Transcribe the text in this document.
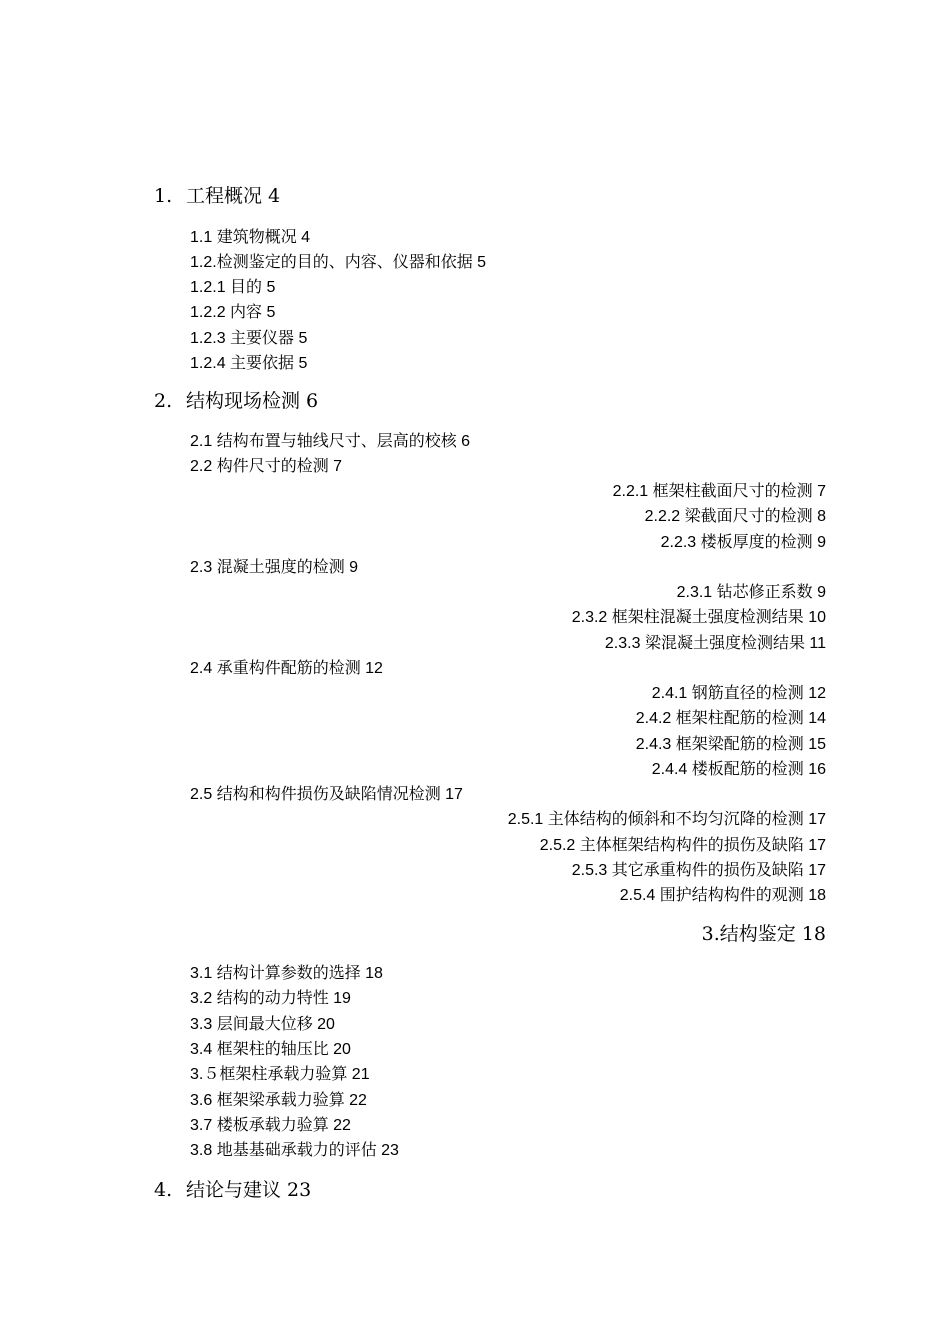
1. 工程概况 4
1.1 建筑物概况 4
1.2.检测鉴定的目的、内容、仪器和依据 5
1.2.1 目的 5
1.2.2 内容 5
1.2.3 主要仪器 5
1.2.4 主要依据 5
2. 结构现场检测 6
2.1 结构布置与轴线尺寸、层高的校核 6
2.2 构件尺寸的检测 7
2.2.1 框架柱截面尺寸的检测 7
2.2.2 梁截面尺寸的检测 8
2.2.3 楼板厚度的检测 9
2.3 混凝土强度的检测 9
2.3.1 钻芯修正系数 9
2.3.2 框架柱混凝土强度检测结果 10
2.3.3 梁混凝土强度检测结果 11
2.4 承重构件配筋的检测 12
2.4.1 钢筋直径的检测 12
2.4.2 框架柱配筋的检测 14
2.4.3 框架梁配筋的检测 15
2.4.4 楼板配筋的检测 16
2.5 结构和构件损伤及缺陷情况检测 17
2.5.1 主体结构的倾斜和不均匀沉降的检测 17
2.5.2 主体框架结构构件的损伤及缺陷 17
2.5.3 其它承重构件的损伤及缺陷 17
2.5.4 围护结构构件的观测 18
3.结构鉴定 18
3.1 结构计算参数的选择 18
3.2 结构的动力特性 19
3.3 层间最大位移 20
3.4 框架柱的轴压比 20
3.５框架柱承载力验算 21
3.6 框架梁承载力验算 22
3.7 楼板承载力验算 22
3.8 地基基础承载力的评估 23
4. 结论与建议 23
